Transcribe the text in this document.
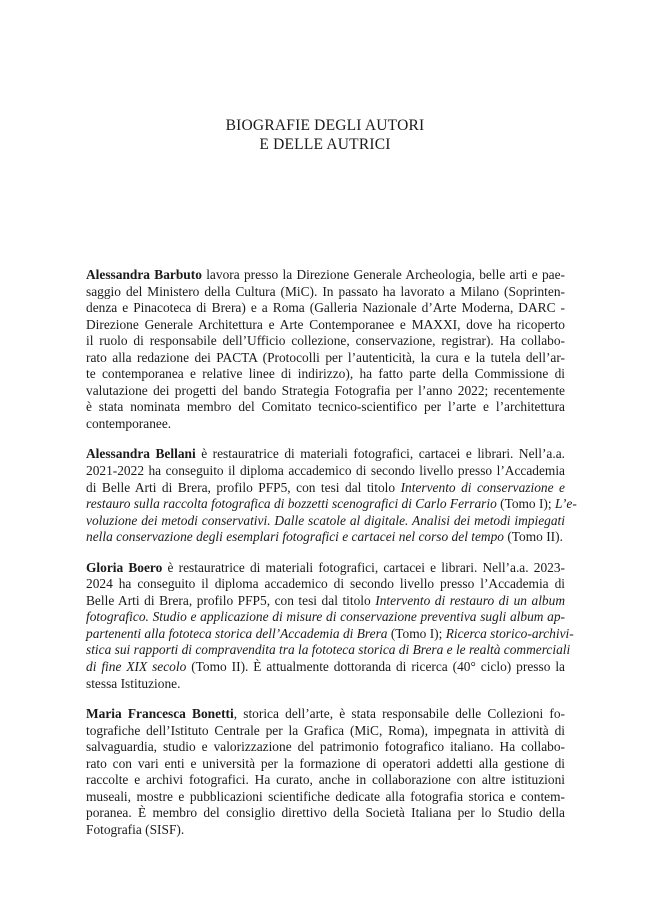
BIOGRAFIE DEGLI AUTORI
E DELLE AUTRICI

Alessandra Barbuto lavora presso la Direzione Generale Archeologia, belle arti e pae-
saggio del Ministero della Cultura (MiC). In passato ha lavorato a Milano (Soprinten-
denza e Pinacoteca di Brera) e a Roma (Galleria Nazionale d’Arte Moderna, DARC -
Direzione Generale Architettura e Arte Contemporanee e MAXXI, dove ha ricoperto
il ruolo di responsabile dell’Ufficio collezione, conservazione, registrar). Ha collabo-
rato alla redazione dei PACTA (Protocolli per l’autenticità, la cura e la tutela dell’ar-
te contemporanea e relative linee di indirizzo), ha fatto parte della Commissione di
valutazione dei progetti del bando Strategia Fotografia per l’anno 2022; recentemente
è stata nominata membro del Comitato tecnico-scientifico per l’arte e l’architettura
contemporanee.

Alessandra Bellani è restauratrice di materiali fotografici, cartacei e librari. Nell’a.a.
2021-2022 ha conseguito il diploma accademico di secondo livello presso l’Accademia
di Belle Arti di Brera, profilo PFP5, con tesi dal titolo Intervento di conservazione e
restauro sulla raccolta fotografica di bozzetti scenografici di Carlo Ferrario (Tomo I); L’e-
voluzione dei metodi conservativi. Dalle scatole al digitale. Analisi dei metodi impiegati
nella conservazione degli esemplari fotografici e cartacei nel corso del tempo (Tomo II).

Gloria Boero è restauratrice di materiali fotografici, cartacei e librari. Nell’a.a. 2023-
2024 ha conseguito il diploma accademico di secondo livello presso l’Accademia di
Belle Arti di Brera, profilo PFP5, con tesi dal titolo Intervento di restauro di un album
fotografico. Studio e applicazione di misure di conservazione preventiva sugli album ap-
partenenti alla fototeca storica dell’Accademia di Brera (Tomo I); Ricerca storico-archivi-
stica sui rapporti di compravendita tra la fototeca storica di Brera e le realtà commerciali
di fine XIX secolo (Tomo II). È attualmente dottoranda di ricerca (40° ciclo) presso la
stessa Istituzione.

Maria Francesca Bonetti, storica dell’arte, è stata responsabile delle Collezioni fo-
tografiche dell’Istituto Centrale per la Grafica (MiC, Roma), impegnata in attività di
salvaguardia, studio e valorizzazione del patrimonio fotografico italiano. Ha collabo-
rato con vari enti e università per la formazione di operatori addetti alla gestione di
raccolte e archivi fotografici. Ha curato, anche in collaborazione con altre istituzioni
museali, mostre e pubblicazioni scientifiche dedicate alla fotografia storica e contem-
poranea. È membro del consiglio direttivo della Società Italiana per lo Studio della
Fotografia (SISF).
